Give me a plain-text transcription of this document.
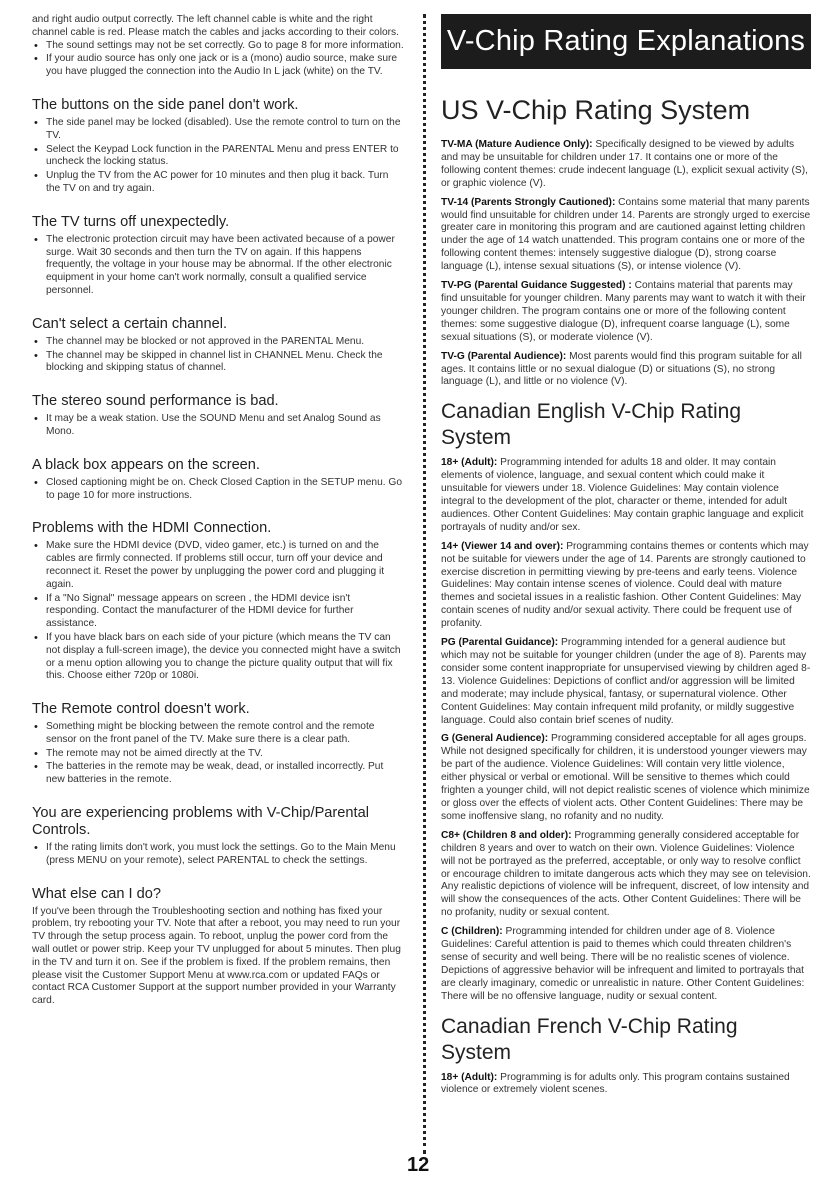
and right audio output correctly. The left channel cable is white and the right channel cable is red. Please match the cables and jacks according to their colors.

• The sound settings may not be set correctly. Go to page 8 for more information.
• If your audio source has only one jack or is a (mono) audio source, make sure you have plugged the connection into the Audio In L jack (white) on the TV.
The buttons on the side panel don't work.
• The side panel may be locked (disabled). Use the remote control to turn on the TV.
• Select the Keypad Lock function in the PARENTAL Menu and press ENTER to uncheck the locking status.
• Unplug the TV from the AC power for 10 minutes and then plug it back. Turn the TV on and try again.
The TV turns off unexpectedly.
• The electronic protection circuit may have been activated because of a power surge. Wait 30 seconds and then turn the TV on again. If this happens frequently, the voltage in your house may be abnormal. If the other electronic equipment in your home can't work normally, consult a qualified service personnel.
Can't select a certain channel.
• The channel may be blocked or not approved in the PARENTAL Menu.
• The channel may be skipped in channel list in CHANNEL Menu. Check the blocking and skipping status of channel.
The stereo sound performance is bad.
• It may be a weak station. Use the SOUND Menu and set Analog Sound as Mono.
A black box appears on the screen.
• Closed captioning might be on. Check Closed Caption in the SETUP menu. Go to page 10 for more instructions.
Problems with the HDMI Connection.
• Make sure the HDMI device (DVD, video gamer, etc.) is turned on and the cables are firmly connected. If problems still occur, turn off your device and reconnect it. Reset the power by unplugging the power cord and plugging it again.
• If a "No Signal" message appears on screen , the HDMI device isn't responding. Contact the manufacturer of the HDMI device for further assistance.
• If you have black bars on each side of your picture (which means the TV can not display a full-screen image), the device you connected might have a switch or a menu option allowing you to change the picture quality output that will fix this. Choose either 720p or 1080i.
The Remote control doesn't work.
• Something might be blocking between the remote control and the remote sensor on the front panel of the TV. Make sure there is a clear path.
• The remote may not be aimed directly at the TV.
• The batteries in the remote may be weak, dead, or installed incorrectly. Put new batteries in the remote.
You are experiencing problems with V-Chip/Parental Controls.
• If the rating limits don't work, you must lock the settings. Go to the Main Menu (press MENU on your remote), select PARENTAL to check the settings.
What else can I do?

If you've been through the Troubleshooting section and nothing has fixed your problem, try rebooting your TV. Note that after a reboot, you may need to run your TV through the setup process again. To reboot, unplug the power cord from the wall outlet or power strip. Keep your TV unplugged for about 5 minutes. Then plug in the TV and turn it on. See if the problem is fixed. If the problem remains, then please visit the Customer Support Menu at www.rca.com or updated FAQs or contact RCA Customer Support at the support number provided in your Warranty card.

V-Chip Rating Explanations
US V-Chip Rating System

TV-MA (Mature Audience Only): Specifically designed to be viewed by adults and may be unsuitable for children under 17. It contains one or more of the following content themes: crude indecent language (L), explicit sexual activity (S), or graphic violence (V).

TV-14 (Parents Strongly Cautioned): Contains some material that many parents would find unsuitable for children under 14. Parents are strongly urged to exercise greater care in monitoring this program and are cautioned against letting children under the age of 14 watch unattended. This program contains one or more of the following content themes: intensely suggestive dialogue (D), strong coarse language (L), intense sexual situations (S), or intense violence (V).

TV-PG (Parental Guidance Suggested) : Contains material that parents may find unsuitable for younger children. Many parents may want to watch it with their younger children. The program contains one or more of the following content themes: some suggestive dialogue (D), infrequent coarse language (L), some sexual situations (S), or moderate violence (V).

TV-G (Parental Audience): Most parents would find this program suitable for all ages. It contains little or no sexual dialogue (D) or situations (S), no strong language (L), and little or no violence (V).

Canadian English V-Chip Rating System

18+ (Adult): Programming intended for adults 18 and older. It may contain elements of violence, language, and sexual content which could make it unsuitable for viewers under 18. Violence Guidelines: May contain violence integral to the development of the plot, character or theme, intended for adult audiences. Other Content Guidelines: May contain graphic language and explicit portrayals of nudity and/or sex.

14+ (Viewer 14 and over): Programming contains themes or contents which may not be suitable for viewers under the age of 14. Parents are strongly cautioned to exercise discretion in permitting viewing by pre-teens and early teens. Violence Guidelines: May contain intense scenes of violence. Could deal with mature themes and societal issues in a realistic fashion. Other Content Guidelines: May contain scenes of nudity and/or sexual activity. There could be frequent use of profanity.

PG (Parental Guidance): Programming intended for a general audience but which may not be suitable for younger children (under the age of 8). Parents may consider some content inappropriate for unsupervised viewing by children aged 8-13. Violence Guidelines: Depictions of conflict and/or aggression will be limited and moderate; may include physical, fantasy, or supernatural violence. Other Content Guidelines: May contain infrequent mild profanity, or mildly suggestive language. Could also contain brief scenes of nudity.

G (General Audience): Programming considered acceptable for all ages groups. While not designed specifically for children, it is understood younger viewers may be part of the audience. Violence Guidelines: Will contain very little violence, either physical or verbal or emotional. Will be sensitive to themes which could frighten a younger child, will not depict realistic scenes of violence which minimize or gloss over the effects of violent acts. Other Content Guidelines: There may be some inoffensive slang, no rofanity and no nudity.

C8+ (Children 8 and older): Programming generally considered acceptable for children 8 years and over to watch on their own. Violence Guidelines: Violence will not be portrayed as the preferred, acceptable, or only way to resolve conflict or encourage children to imitate dangerous acts which they may see on television. Any realistic depictions of violence will be infrequent, discreet, of low intensity and will show the consequences of the acts. Other Content Guidelines: There will be no profanity, nudity or sexual content.

C (Children): Programming intended for children under age of 8. Violence Guidelines: Careful attention is paid to themes which could threaten children's sense of security and well being. There will be no realistic scenes of violence. Depictions of aggressive behavior will be infrequent and limited to portrayals that are clearly imaginary, comedic or unrealistic in nature. Other Content Guidelines: There will be no offensive language, nudity or sexual content.

Canadian French V-Chip Rating System

18+ (Adult): Programming is for adults only. This program contains sustained violence or extremely violent scenes.

12
